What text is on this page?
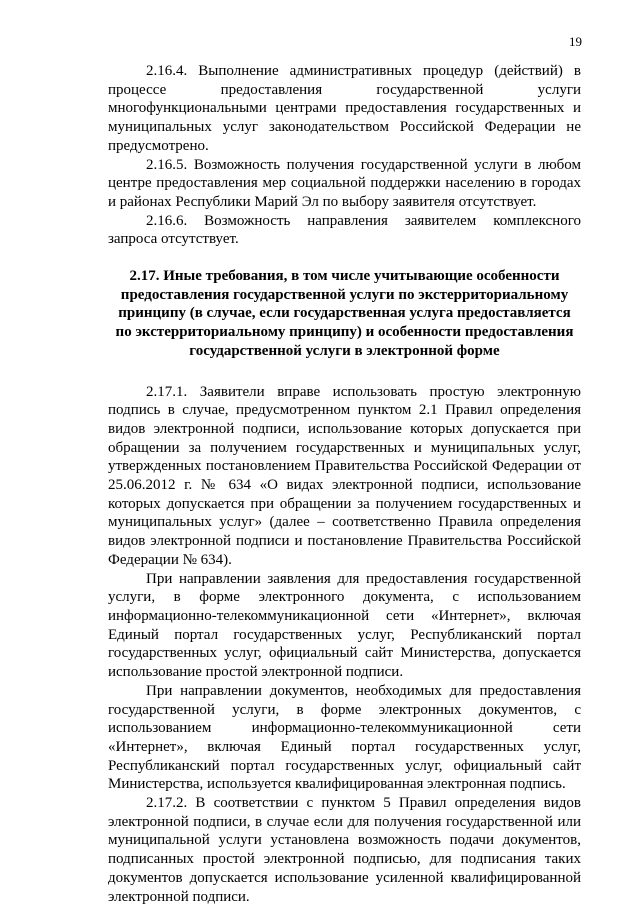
19

2.16.4. Выполнение административных процедур (действий) в процессе предоставления государственной услуги многофункциональными центрами предоставления государственных и муниципальных услуг законодательством Российской Федерации не предусмотрено.

2.16.5. Возможность получения государственной услуги в любом центре предоставления мер социальной поддержки населению в городах и районах Республики Марий Эл по выбору заявителя отсутствует.

2.16.6. Возможность направления заявителем комплексного запроса отсутствует.

2.17. Иные требования, в том числе учитывающие особенности предоставления государственной услуги по экстерриториальному принципу (в случае, если государственная услуга предоставляется по экстерриториальному принципу) и особенности предоставления государственной услуги в электронной форме

2.17.1. Заявители вправе использовать простую электронную подпись в случае, предусмотренном пунктом 2.1 Правил определения видов электронной подписи, использование которых допускается при обращении за получением государственных и муниципальных услуг, утвержденных постановлением Правительства Российской Федерации от 25.06.2012 г. № 634 «О видах электронной подписи, использование которых допускается при обращении за получением государственных и муниципальных услуг» (далее – соответственно Правила определения видов электронной подписи и постановление Правительства Российской Федерации № 634).

При направлении заявления для предоставления государственной услуги, в форме электронного документа, с использованием информационно-телекоммуникационной сети «Интернет», включая Единый портал государственных услуг, Республиканский портал государственных услуг, официальный сайт Министерства, допускается использование простой электронной подписи.

При направлении документов, необходимых для предоставления государственной услуги, в форме электронных документов, с использованием информационно-телекоммуникационной сети «Интернет», включая Единый портал государственных услуг, Республиканский портал государственных услуг, официальный сайт Министерства, используется квалифицированная электронная подпись.

2.17.2. В соответствии с пунктом 5 Правил определения видов электронной подписи, в случае если для получения государственной или муниципальной услуги установлена возможность подачи документов, подписанных простой электронной подписью, для подписания таких документов допускается использование усиленной квалифицированной электронной подписи.
